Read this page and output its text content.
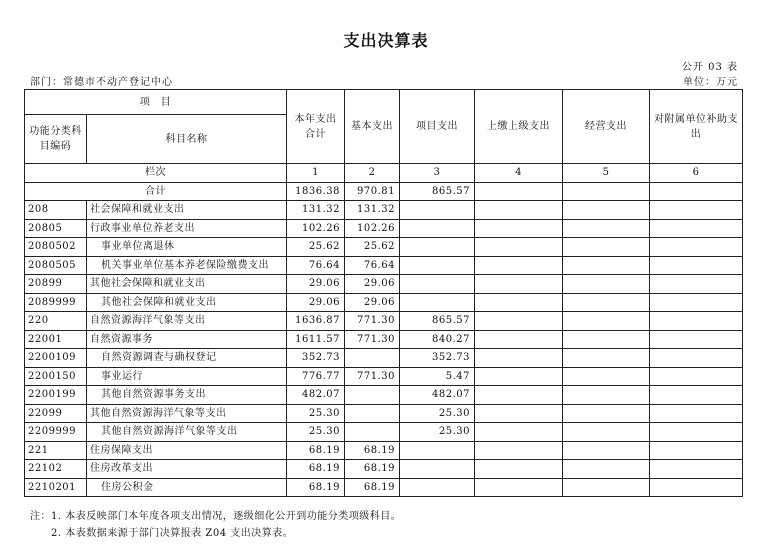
支出决算表
公开 03 表
部门：常德市不动产登记中心	单位：万元
项　目		本年支出合计	基本支出	项目支出	上缴上级支出	经营支出	对附属单位补助支出
功能分类科目编码	科目名称						
栏次		1	2	3	4	5	6
合计		1836.38	970.81	865.57			
208	社会保障和就业支出	131.32	131.32				
20805	行政事业单位养老支出	102.26	102.26				
2080502	事业单位离退休	25.62	25.62				
2080505	机关事业单位基本养老保险缴费支出	76.64	76.64				
20899	其他社会保障和就业支出	29.06	29.06				
2089999	其他社会保障和就业支出	29.06	29.06				
220	自然资源海洋气象等支出	1636.87	771.30	865.57			
22001	自然资源事务	1611.57	771.30	840.27			
2200109	自然资源调查与确权登记	352.73		352.73			
2200150	事业运行	776.77	771.30	5.47			
2200199	其他自然资源事务支出	482.07		482.07			
22099	其他自然资源海洋气象等支出	25.30		25.30			
2209999	其他自然资源海洋气象等支出	25.30		25.30			
221	住房保障支出	68.19	68.19				
22102	住房改革支出	68.19	68.19				
2210201	住房公积金	68.19	68.19				
注：1. 本表反映部门本年度各项支出情况，逐级细化公开到功能分类项级科目。
2. 本表数据来源于部门决算报表 Z04 支出决算表。
